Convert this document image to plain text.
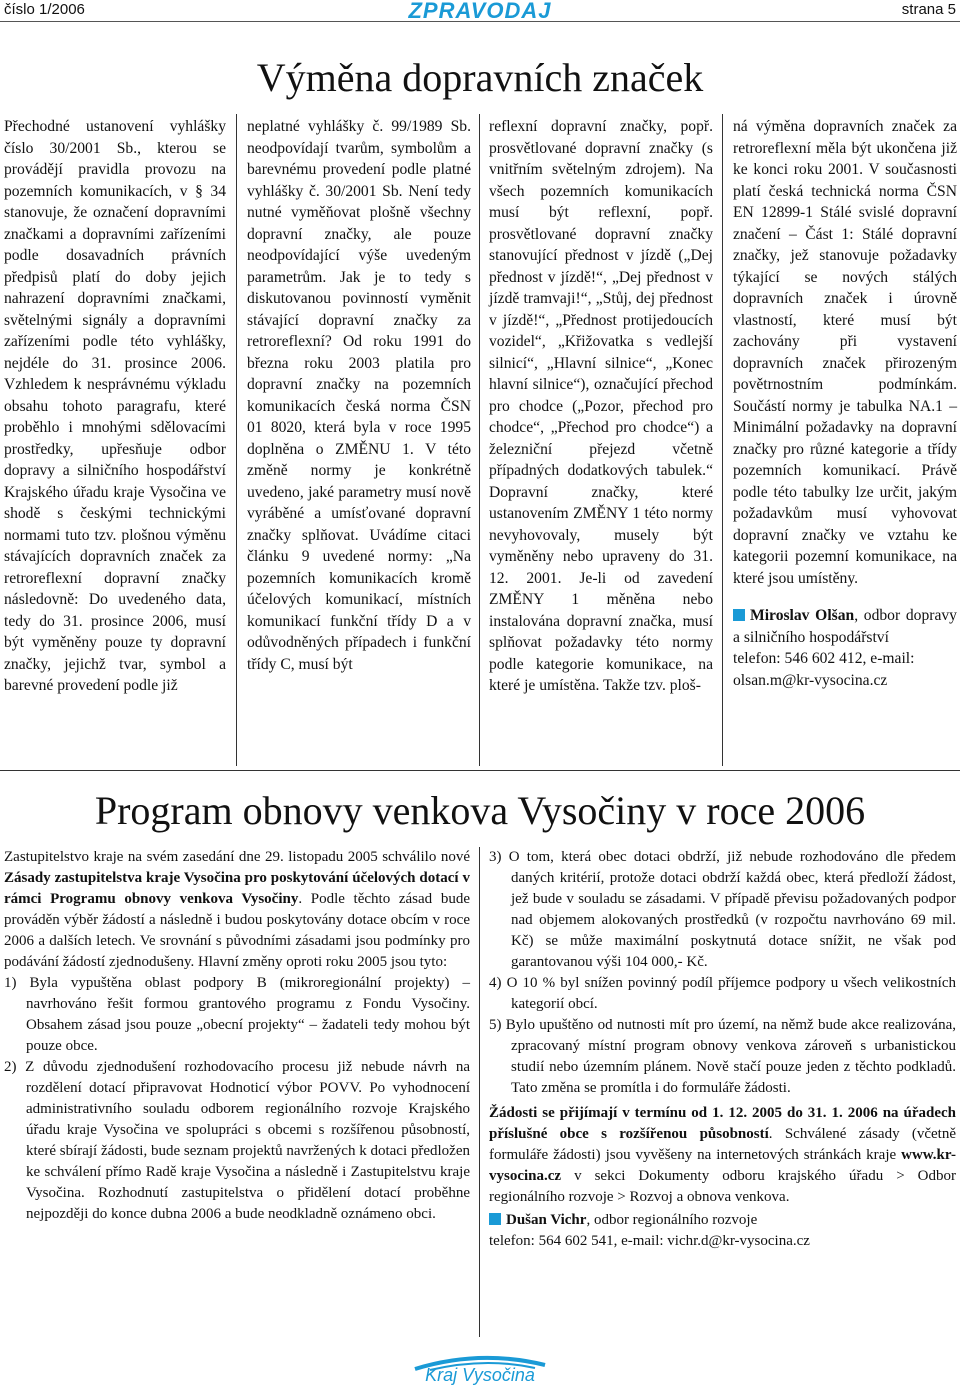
číslo 1/2006	ZPRAVODAJ	strana 5
Výměna dopravních značek

Přechodné ustanovení vyhlášky číslo 30/2001 Sb., kterou se provádějí pravidla provozu na pozemních komunikacích, v § 34 stanovuje, že označení dopravními značkami a dopravními zařízeními podle dosavadních právních předpisů platí do doby jejich nahrazení dopravními značkami, světelnými signály a dopravními zařízeními podle této vyhlášky, nejdéle do 31. prosince 2006. Vzhledem k nesprávnému výkladu obsahu tohoto paragrafu, které proběhlo i mnohými sdělovacími prostředky, upřesňuje odbor dopravy a silničního hospodářství Krajského úřadu kraje Vysočina ve shodě s českými technickými normami tuto tzv. plošnou výměnu stávajících dopravních značek za retroreflexní dopravní značky následovně: Do uvedeného data, tedy do 31. prosince 2006, musí být vyměněny pouze ty dopravní značky, jejichž tvar, symbol a barevné provedení podle již

neplatné vyhlášky č. 99/1989 Sb. neodpovídají tvarům, symbolům a barevnému provedení podle platné vyhlášky č. 30/2001 Sb. Není tedy nutné vyměňovat plošně všechny dopravní značky, ale pouze neodpovídající výše uvedeným parametrům. Jak je to tedy s diskutovanou povinností vyměnit stávající dopravní značky za retroreflexní? Od roku 1991 do března roku 2003 platila pro dopravní značky na pozemních komunikacích česká norma ČSN 01 8020, která byla v roce 1995 doplněna o ZMĚNU 1. V této změně normy je konkrétně uvedeno, jaké parametry musí nově vyráběné a umísťované dopravní značky splňovat. Uvádíme citaci článku 9 uvedené normy: „Na pozemních komunikacích kromě účelových komunikací, místních komunikací funkční třídy D a v odůvodněných případech i funkční třídy C, musí být

reflexní dopravní značky, popř. prosvětlované dopravní značky (s vnitřním světelným zdrojem). Na všech pozemních komunikacích musí být reflexní, popř. prosvětlované dopravní značky stanovující přednost v jízdě („Dej přednost v jízdě!“, „Dej přednost v jízdě tramvaji!“, „Stůj, dej přednost v jízdě!“, „Přednost protijedoucích vozidel“, „Křižovatka s vedlejší silnicí“, „Hlavní silnice“, „Konec hlavní silnice“), označující přechod pro chodce („Pozor, přechod pro chodce“, „Přechod pro chodce“) a železniční přejezd včetně případných dodatkových tabulek.“ Dopravní značky, které ustanovením ZMĚNY 1 této normy nevyhovovaly, musely být vyměněny nebo upraveny do 31. 12. 2001. Je-li od zavedení ZMĚNY 1 měněna nebo instalována dopravní značka, musí splňovat požadavky této normy podle kategorie komunikace, na které je umístěna. Takže tzv. ploš-

ná výměna dopravních značek za retroreflexní měla být ukončena již ke konci roku 2001. V současnosti platí česká technická norma ČSN EN 12899-1 Stálé svislé dopravní značení – Část 1: Stálé dopravní značky, jež stanovuje požadavky týkající se nových stálých dopravních značek i úrovně vlastností, které musí být zachovány při vystavení dopravních značek přirozeným povětrnostním podmínkám. Součástí normy je tabulka NA.1 – Minimální požadavky na dopravní značky pro různé kategorie a třídy pozemních komunikací. Právě podle této tabulky lze určit, jakým požadavkům musí vyhovovat dopravní značky ve vztahu ke kategorii pozemní komunikace, na které jsou umístěny.

Miroslav Olšan, odbor dopravy a silničního hospodářství

telefon: 546 602 412, e-mail: olsan.m@kr-vysocina.cz

Program obnovy venkova Vysočiny v roce 2006

Zastupitelstvo kraje na svém zasedání dne 29. listopadu 2005 schválilo nové Zásady zastupitelstva kraje Vysočina pro poskytování účelových dotací v rámci Programu obnovy venkova Vysočiny. Podle těchto zásad bude prováděn výběr žádostí a následně i budou poskytovány dotace obcím v roce 2006 a dalších letech. Ve srovnání s původními zásadami jsou podmínky pro podávání žádostí zjednodušeny. Hlavní změny oproti roku 2005 jsou tyto:

1) Byla vypuštěna oblast podpory B (mikroregionální projekty) – navrhováno řešit formou grantového programu z Fondu Vysočiny. Obsahem zásad jsou pouze „obecní projekty“ – žadateli tedy mohou být pouze obce.

2) Z důvodu zjednodušení rozhodovacího procesu již nebude návrh na rozdělení dotací připravovat Hodnoticí výbor POVV. Po vyhodnocení administrativního souladu odborem regionálního rozvoje Krajského úřadu kraje Vysočina ve spolupráci s obcemi s rozšířenou působností, které sbírají žádosti, bude seznam projektů navržených k dotaci předložen ke schválení přímo Radě kraje Vysočina a následně i Zastupitelstvu kraje Vysočina. Rozhodnutí zastupitelstva o přidělení dotací proběhne nejpozději do konce dubna 2006 a bude neodkladně oznámeno obci.

3) O tom, která obec dotaci obdrží, již nebude rozhodováno dle předem daných kritérií, protože dotaci obdrží každá obec, která předloží žádost, jež bude v souladu se zásadami. V případě převisu požadovaných podpor nad objemem alokovaných prostředků (v rozpočtu navrhováno 69 mil. Kč) se může maximální poskytnutá dotace snížit, ne však pod garantovanou výši 104 000,- Kč.

4) O 10 % byl snížen povinný podíl příjemce podpory u všech velikostních kategorií obcí.

5) Bylo upuštěno od nutnosti mít pro území, na němž bude akce realizována, zpracovaný místní program obnovy venkova zároveň s urbanistickou studií nebo územním plánem. Nově stačí pouze jeden z těchto podkladů. Tato změna se promítla i do formuláře žádosti.

Žádosti se přijímají v termínu od 1. 12. 2005 do 31. 1. 2006 na úřadech příslušné obce s rozšířenou působností. Schválené zásady (včetně formuláře žádosti) jsou vyvěšeny na internetových stránkách kraje www.kr-vysocina.cz v sekci Dokumenty odboru krajského úřadu > Odbor regionálního rozvoje > Rozvoj a obnova venkova.

Dušan Vichr, odbor regionálního rozvoje

telefon: 564 602 541, e-mail: vichr.d@kr-vysocina.cz

Kraj Vysočina
